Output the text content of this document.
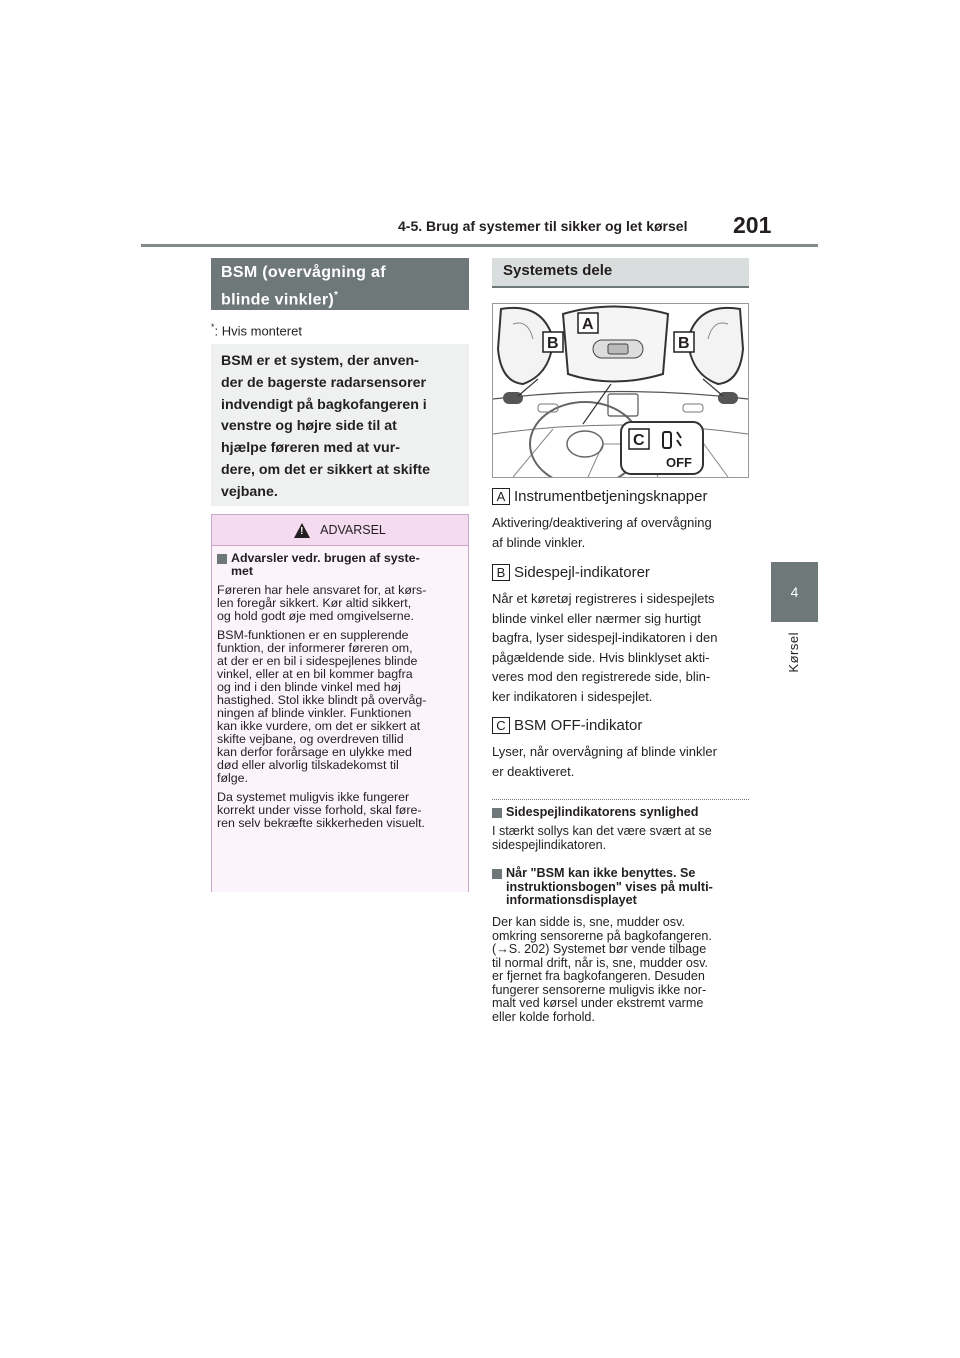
4-5. Brug af systemer til sikker og let kørsel 201
4
Kørsel
BSM (overvågning af
blinde vinkler)*
*: Hvis monteret
BSM er et system, der anven-
der de bagerste radarsensorer
indvendigt på bagkofangeren i
venstre og højre side til at
hjælpe føreren med at vur-
dere, om det er sikkert at skifte
vejbane.
! ADVARSEL
Advarsler vedr. brugen af syste-
met
Føreren har hele ansvaret for, at kørs-
len foregår sikkert. Kør altid sikkert,
og hold godt øje med omgivelserne.
BSM-funktionen er en supplerende
funktion, der informerer føreren om,
at der er en bil i sidespejlenes blinde
vinkel, eller at en bil kommer bagfra
og ind i den blinde vinkel med høj
hastighed. Stol ikke blindt på overvåg-
ningen af blinde vinkler. Funktionen
kan ikke vurdere, om det er sikkert at
skifte vejbane, og overdreven tillid
kan derfor forårsage en ulykke med
død eller alvorlig tilskadekomst til
følge.
Da systemet muligvis ikke fungerer
korrekt under visse forhold, skal føre-
ren selv bekræfte sikkerheden visuelt.
Systemets dele
OFF
A
B	B
C
A Instrumentbetjeningsknapper
Aktivering/deaktivering af overvågning
af blinde vinkler.
B Sidespejl-indikatorer
Når et køretøj registreres i sidespejlets
blinde vinkel eller nærmer sig hurtigt
bagfra, lyser sidespejl-indikatoren i den
pågældende side. Hvis blinklyset akti-
veres mod den registrerede side, blin-
ker indikatoren i sidespejlet.
C BSM OFF-indikator
Lyser, når overvågning af blinde vinkler
er deaktiveret.
Sidespejlindikatorens synlighed
I stærkt sollys kan det være svært at se
sidespejlindikatoren.
Når "BSM kan ikke benyttes. Se
instruktionsbogen" vises på multi-
informationsdisplayet
Der kan sidde is, sne, mudder osv.
omkring sensorerne på bagkofangeren.
(→S. 202) Systemet bør vende tilbage
til normal drift, når is, sne, mudder osv.
er fjernet fra bagkofangeren. Desuden
fungerer sensorerne muligvis ikke nor-
malt ved kørsel under ekstremt varme
eller kolde forhold.
